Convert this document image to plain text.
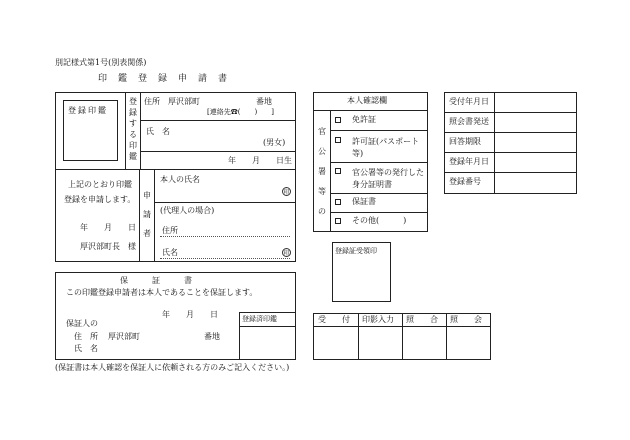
別記様式第1号(別表関係)
印　鑑　登　録　申　請　書
登録印鑑
登録する印鑑
住所 厚沢部町	番地
[連絡先☎(　　)　　]
氏　名
(男女)
年 月 日生
上記のとおり印鑑
登録を申請します。
年　　月　　日
厚沢部町長　様
申請者
本人の氏名
印
(代理人の場合)
住所
氏名	印
本人確認欄
官公署等の
免許証
許可証(パスポート等)
官公署等の発行した身分証明書
保証書
その他(　　　)
受付年月日
照会書発送
回答期限
登録年月日
登録番号
登録証受領印
保　　　証　　　書
この印鑑登録申請者は本人であることを保証します。
年　　月　　日
保証人の
住　所 厚沢部町	番地
氏　名
登録済印鑑	受　　付 印影入力 照　　合 照　　会
(保証書は本人確認を保証人に依頼される方のみご記入ください。)
